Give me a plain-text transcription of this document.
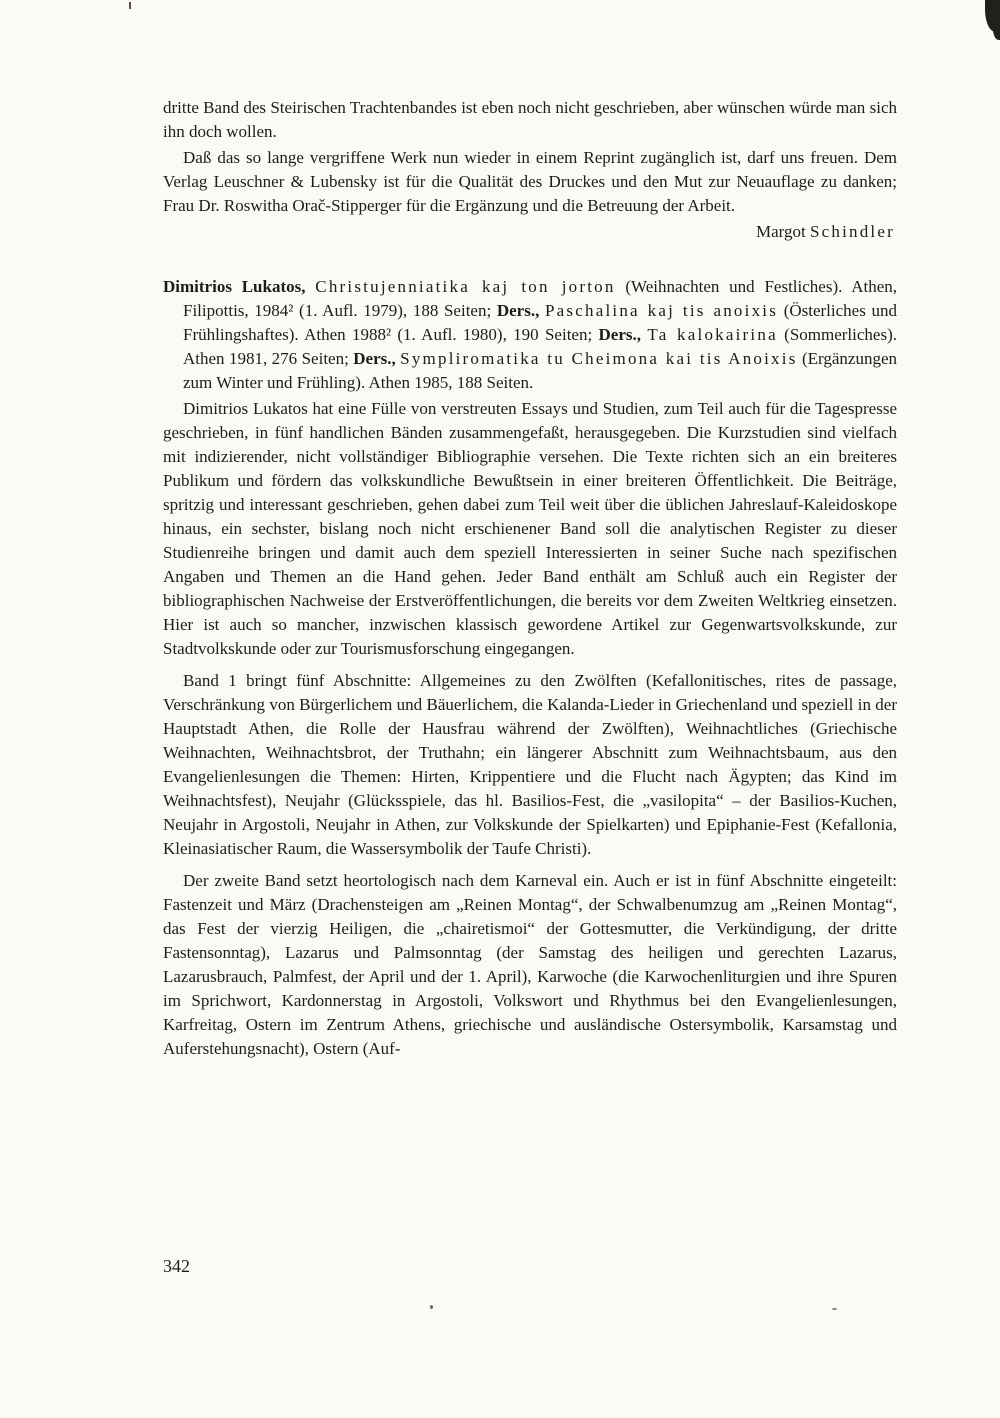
dritte Band des Steirischen Trachtenbandes ist eben noch nicht geschrieben, aber wünschen würde man sich ihn doch wollen.

Daß das so lange vergriffene Werk nun wieder in einem Reprint zugänglich ist, darf uns freuen. Dem Verlag Leuschner & Lubensky ist für die Qualität des Druckes und den Mut zur Neuauflage zu danken; Frau Dr. Roswitha Orač-Stipperger für die Ergänzung und die Betreuung der Arbeit.

Margot Schindler

Dimitrios Lukatos, Christujenniatika kaj ton jorton (Weihnachten und Festliches). Athen, Filipottis, 1984² (1. Aufl. 1979), 188 Seiten; Ders., Paschalina kaj tis anoixis (Österliches und Frühlingshaftes). Athen 1988² (1. Aufl. 1980), 190 Seiten; Ders., Ta kalokairina (Sommerliches). Athen 1981, 276 Seiten; Ders., Sympliromatika tu Cheimona kai tis Anoixis (Ergänzungen zum Winter und Frühling). Athen 1985, 188 Seiten.

Dimitrios Lukatos hat eine Fülle von verstreuten Essays und Studien, zum Teil auch für die Tagespresse geschrieben, in fünf handlichen Bänden zusammengefaßt, herausgegeben. Die Kurzstudien sind vielfach mit indizierender, nicht vollständiger Bibliographie versehen. Die Texte richten sich an ein breiteres Publikum und fördern das volkskundliche Bewußtsein in einer breiteren Öffentlichkeit. Die Beiträge, spritzig und interessant geschrieben, gehen dabei zum Teil weit über die üblichen Jahreslauf-Kaleidoskope hinaus, ein sechster, bislang noch nicht erschienener Band soll die analytischen Register zu dieser Studienreihe bringen und damit auch dem speziell Interessierten in seiner Suche nach spezifischen Angaben und Themen an die Hand gehen. Jeder Band enthält am Schluß auch ein Register der bibliographischen Nachweise der Erstveröffentlichungen, die bereits vor dem Zweiten Weltkrieg einsetzen. Hier ist auch so mancher, inzwischen klassisch gewordene Artikel zur Gegenwartsvolkskunde, zur Stadtvolkskunde oder zur Tourismusforschung eingegangen.

Band 1 bringt fünf Abschnitte: Allgemeines zu den Zwölften (Kefallonitisches, rites de passage, Verschränkung von Bürgerlichem und Bäuerlichem, die Kalanda-Lieder in Griechenland und speziell in der Hauptstadt Athen, die Rolle der Hausfrau während der Zwölften), Weihnachtliches (Griechische Weihnachten, Weihnachtsbrot, der Truthahn; ein längerer Abschnitt zum Weihnachtsbaum, aus den Evangelienlesungen die Themen: Hirten, Krippentiere und die Flucht nach Ägypten; das Kind im Weihnachtsfest), Neujahr (Glücksspiele, das hl. Basilios-Fest, die „vasilopita“ – der Basilios-Kuchen, Neujahr in Argostoli, Neujahr in Athen, zur Volkskunde der Spielkarten) und Epiphanie-Fest (Kefallonia, Kleinasiatischer Raum, die Wassersymbolik der Taufe Christi).

Der zweite Band setzt heortologisch nach dem Karneval ein. Auch er ist in fünf Abschnitte eingeteilt: Fastenzeit und März (Drachensteigen am „Reinen Montag“, der Schwalbenumzug am „Reinen Montag“, das Fest der vierzig Heiligen, die „chairetismoi“ der Gottesmutter, die Verkündigung, der dritte Fastensonntag), Lazarus und Palmsonntag (der Samstag des heiligen und gerechten Lazarus, Lazarusbrauch, Palmfest, der April und der 1. April), Karwoche (die Karwochenliturgien und ihre Spuren im Sprichwort, Kardonnerstag in Argostoli, Volkswort und Rhythmus bei den Evangelienlesungen, Karfreitag, Ostern im Zentrum Athens, griechische und ausländische Ostersymbolik, Karsamstag und Auferstehungsnacht), Ostern (Auf-

342
